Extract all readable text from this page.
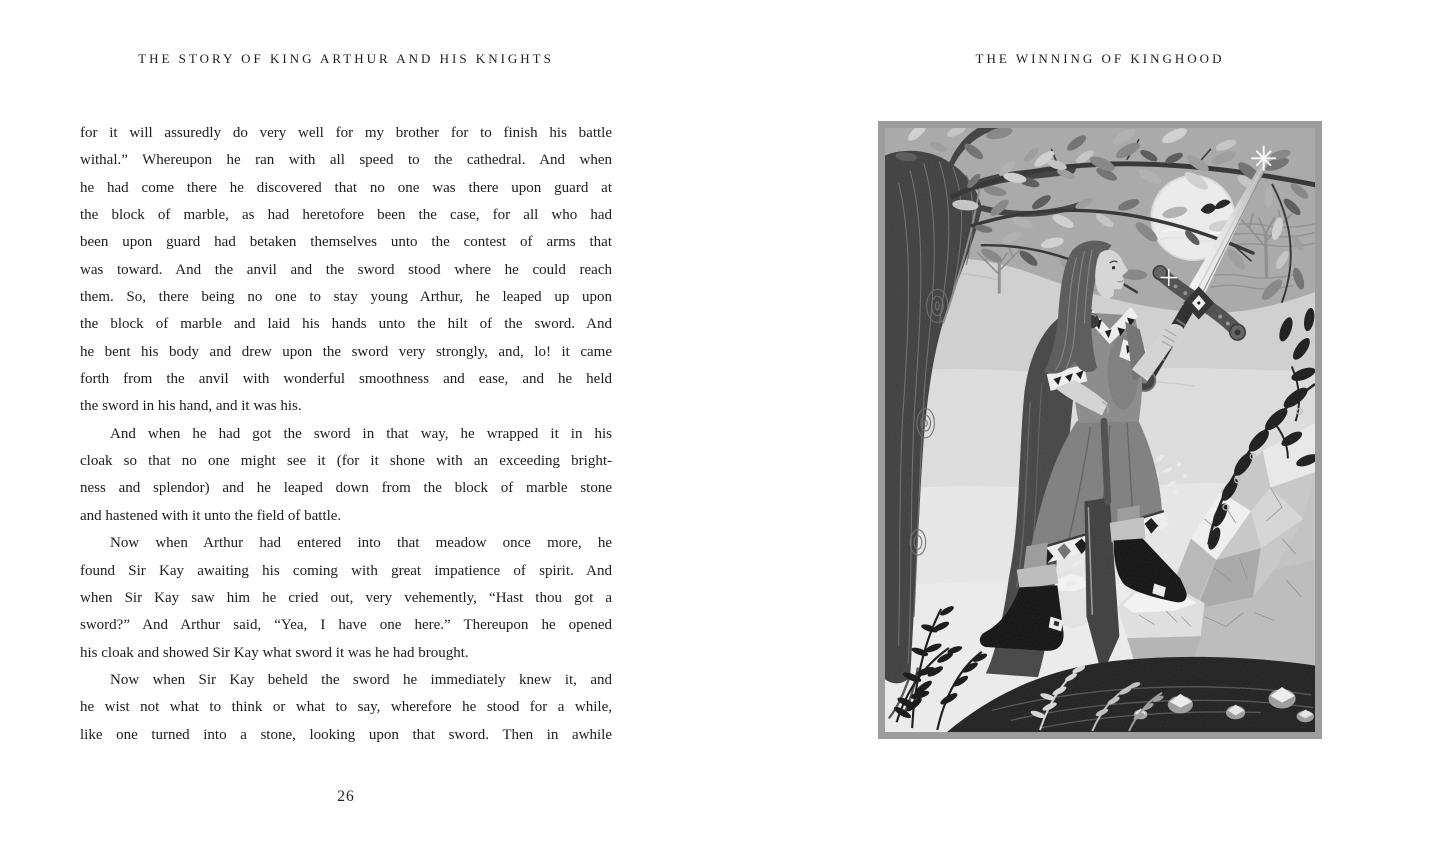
THE STORY OF KING ARTHUR AND HIS KNIGHTS
for it will assuredly do very well for my brother for to finish his battle
withal.” Whereupon he ran with all speed to the cathedral. And when
he had come there he discovered that no one was there upon guard at
the block of marble, as had heretofore been the case, for all who had
been upon guard had betaken themselves unto the contest of arms that
was toward. And the anvil and the sword stood where he could reach
them. So, there being no one to stay young Arthur, he leaped up upon
the block of marble and laid his hands unto the hilt of the sword. And
he bent his body and drew upon the sword very strongly, and, lo! it came
forth from the anvil with wonderful smoothness and ease, and he held
the sword in his hand, and it was his.
And when he had got the sword in that way, he wrapped it in his
cloak so that no one might see it (for it shone with an exceeding bright-
ness and splendor) and he leaped down from the block of marble stone
and hastened with it unto the field of battle.
Now when Arthur had entered into that meadow once more, he
found Sir Kay awaiting his coming with great impatience of spirit. And
when Sir Kay saw him he cried out, very vehemently, “Hast thou got a
sword?” And Arthur said, “Yea, I have one here.” Thereupon he opened
his cloak and showed Sir Kay what sword it was he had brought.
Now when Sir Kay beheld the sword he immediately knew it, and
he wist not what to think or what to say, wherefore he stood for a while,
like one turned into a stone, looking upon that sword. Then in awhile
26
THE WINNING OF KINGHOOD
